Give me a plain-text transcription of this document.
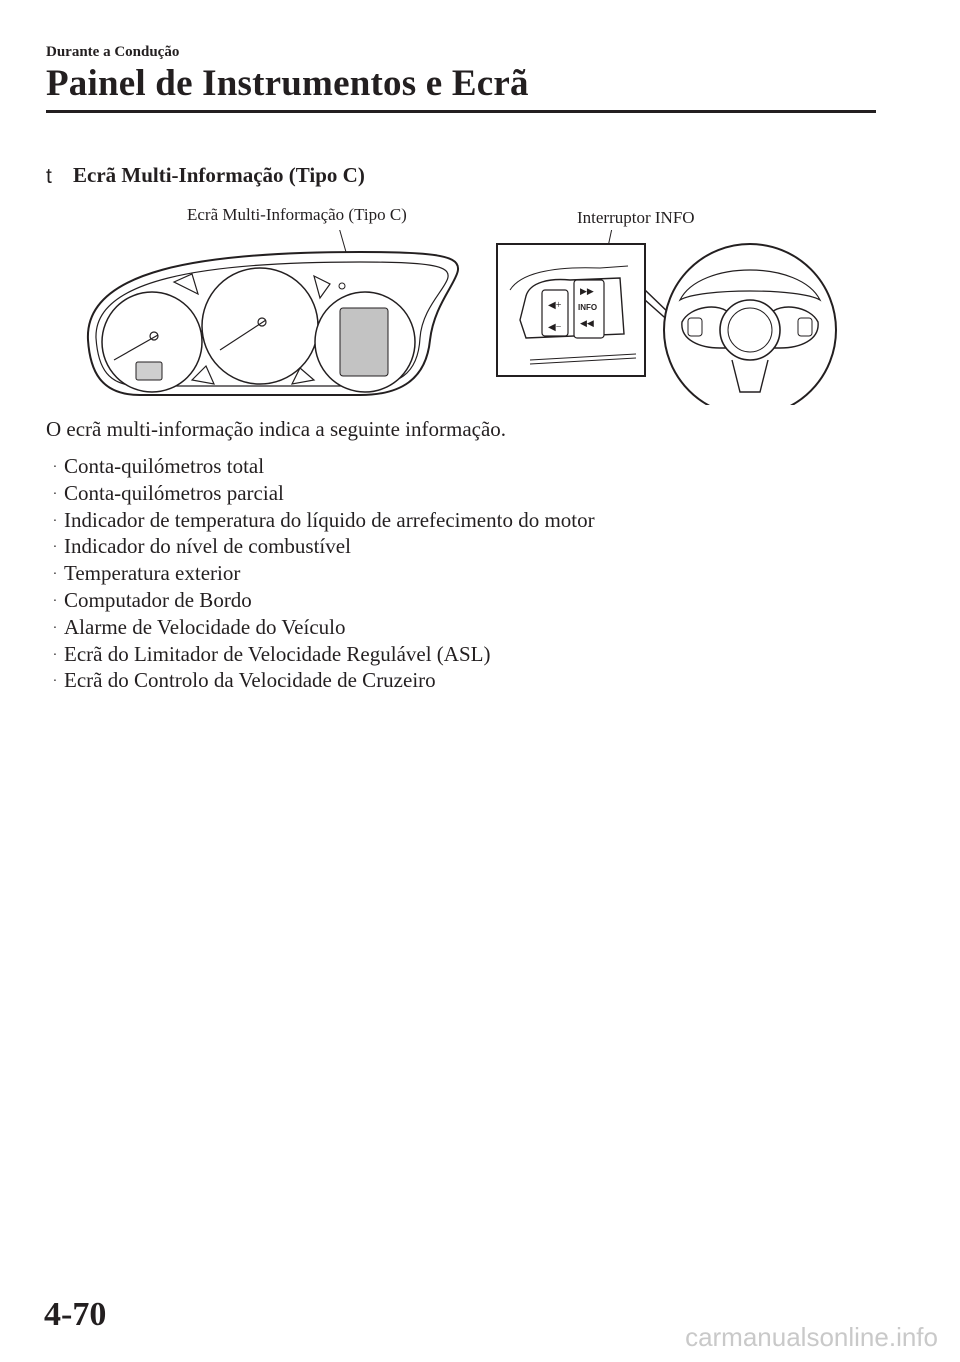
Durante a Condução
Painel de Instrumentos e Ecrã
t Ecrã Multi-Informação (Tipo C)
Ecrã Multi-Informação (Tipo C)	Interruptor INFO
◀+
◀−
▶▶
INFO
◀◀
O ecrã multi-informação indica a seguinte informação.
· Conta-quilómetros total
· Conta-quilómetros parcial
· Indicador de temperatura do líquido de arrefecimento do motor
· Indicador do nível de combustível
· Temperatura exterior
· Computador de Bordo
· Alarme de Velocidade do Veículo
· Ecrã do Limitador de Velocidade Regulável (ASL)
· Ecrã do Controlo da Velocidade de Cruzeiro
4-70
carmanualsonline.info
